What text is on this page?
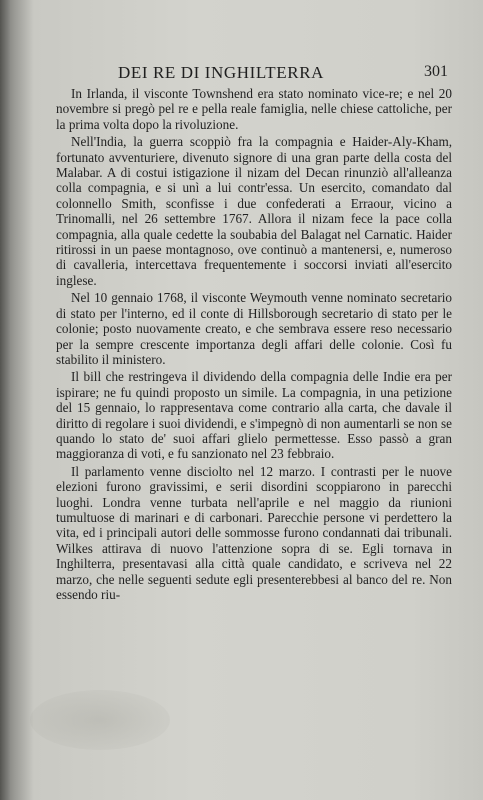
DEI RE DI INGHILTERRA	301

In Irlanda, il visconte Townshend era stato nominato vice-re; e nel 20 novembre si pregò pel re e pella reale famiglia, nelle chiese cattoliche, per la prima volta dopo la rivoluzione.

Nell'India, la guerra scoppiò fra la compagnia e Haider-Aly-Kham, fortunato avventuriere, divenuto signore di una gran parte della costa del Malabar. A di costui istigazione il nizam del Decan rinunziò all'alleanza colla compagnia, e si unì a lui contr'essa. Un esercito, comandato dal colonnello Smith, sconfisse i due confederati a Erraour, vicino a Trinomalli, nel 26 settembre 1767. Allora il nizam fece la pace colla compagnia, alla quale cedette la soubabia del Balagat nel Carnatic. Haider ritirossi in un paese montagnoso, ove continuò a mantenersi, e, numeroso di cavalleria, intercettava frequentemente i soccorsi inviati all'esercito inglese.

Nel 10 gennaio 1768, il visconte Weymouth venne nominato secretario di stato per l'interno, ed il conte di Hillsborough secretario di stato per le colonie; posto nuovamente creato, e che sembrava essere reso necessario per la sempre crescente importanza degli affari delle colonie. Così fu stabilito il ministero.

Il bill che restringeva il dividendo della compagnia delle Indie era per ispirare; ne fu quindi proposto un simile. La compagnia, in una petizione del 15 gennaio, lo rappresentava come contrario alla carta, che davale il diritto di regolare i suoi dividendi, e s'impegnò di non aumentarli se non se quando lo stato de' suoi affari glielo permettesse. Esso passò a gran maggioranza di voti, e fu sanzionato nel 23 febbraio.

Il parlamento venne disciolto nel 12 marzo. I contrasti per le nuove elezioni furono gravissimi, e serii disordini scoppiarono in parecchi luoghi. Londra venne turbata nell'aprile e nel maggio da riunioni tumultuose di marinari e di carbonari. Parecchie persone vi perdettero la vita, ed i principali autori delle sommosse furono condannati dai tribunali. Wilkes attirava di nuovo l'attenzione sopra di se. Egli tornava in Inghilterra, presentavasi alla città quale candidato, e scriveva nel 22 marzo, che nelle seguenti sedute egli presenterebbesi al banco del re. Non essendo riu-
